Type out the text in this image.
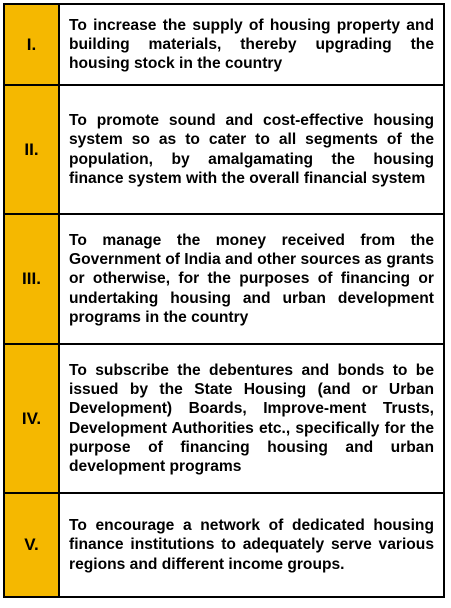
I.	To increase the supply of housing property and building materials, thereby upgrading the housing stock in the country
II.	To promote sound and cost-effective housing system so as to cater to all segments of the population, by amalgamating the housing finance system with the overall financial system
III.	To manage the money received from the Government of India and other sources as grants or otherwise, for the purposes of financing or undertaking housing and urban development programs in the country
IV.	To subscribe the debentures and bonds to be issued by the State Housing (and or Urban Development) Boards, Improve-ment Trusts, Development Authorities etc., specifically for the purpose of financing housing and urban development programs
V.	To encourage a network of dedicated housing finance institutions to adequately serve various regions and different income groups.
